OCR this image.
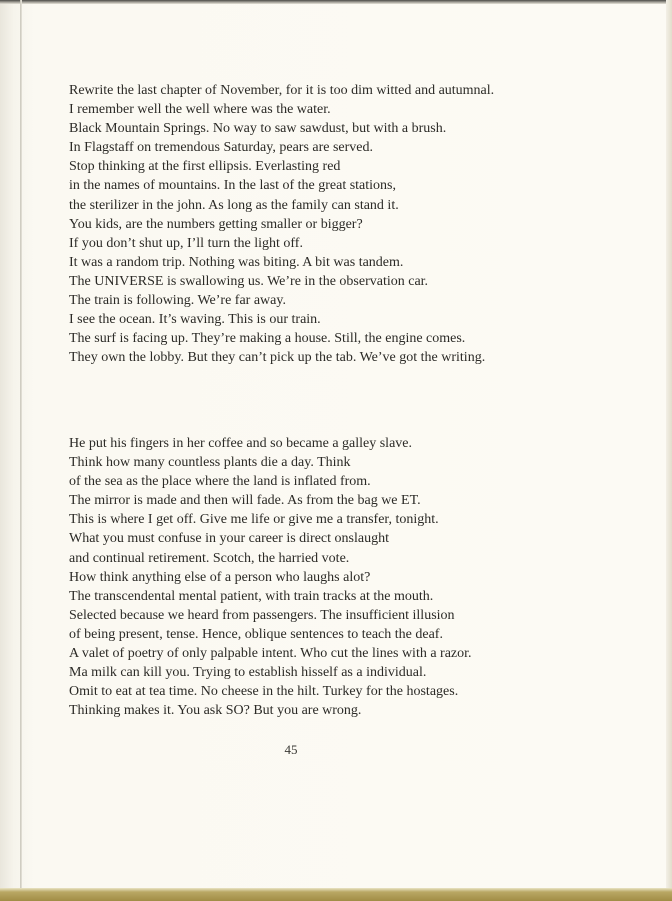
Rewrite the last chapter of November, for it is too dim witted and autumnal.

I remember well the well where was the water.

Black Mountain Springs. No way to saw sawdust, but with a brush.

In Flagstaff on tremendous Saturday, pears are served.

Stop thinking at the first ellipsis. Everlasting red

in the names of mountains. In the last of the great stations,

the sterilizer in the john. As long as the family can stand it.

You kids, are the numbers getting smaller or bigger?

If you don’t shut up, I’ll turn the light off.

It was a random trip. Nothing was biting. A bit was tandem.

The UNIVERSE is swallowing us. We’re in the observation car.

The train is following. We’re far away.

I see the ocean. It’s waving. This is our train.

The surf is facing up. They’re making a house. Still, the engine comes.

They own the lobby. But they can’t pick up the tab. We’ve got the writing.

He put his fingers in her coffee and so became a galley slave.

Think how many countless plants die a day. Think

of the sea as the place where the land is inflated from.

The mirror is made and then will fade. As from the bag we ET.

This is where I get off. Give me life or give me a transfer, tonight.

What you must confuse in your career is direct onslaught

and continual retirement. Scotch, the harried vote.

How think anything else of a person who laughs alot?

The transcendental mental patient, with train tracks at the mouth.

Selected because we heard from passengers. The insufficient illusion

of being present, tense. Hence, oblique sentences to teach the deaf.

A valet of poetry of only palpable intent. Who cut the lines with a razor.

Ma milk can kill you. Trying to establish hisself as a individual.

Omit to eat at tea time. No cheese in the hilt. Turkey for the hostages.

Thinking makes it. You ask SO? But you are wrong.

45
